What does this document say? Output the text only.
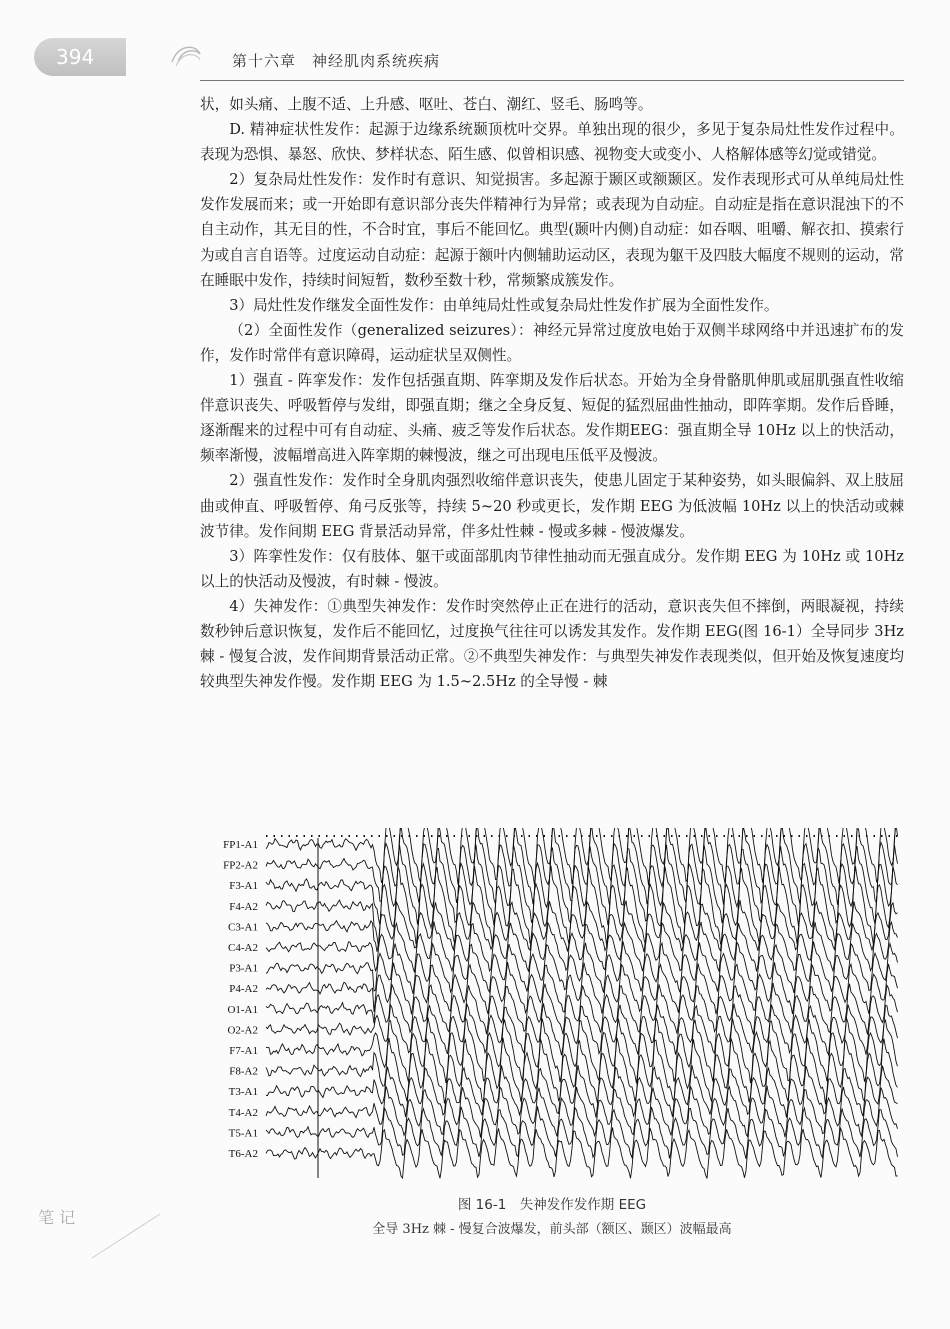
394	第十六章　神经肌肉系统疾病

状，如头痛、上腹不适、上升感、呕吐、苍白、潮红、竖毛、肠鸣等。

D. 精神症状性发作：起源于边缘系统颞顶枕叶交界。单独出现的很少，多见于复杂局灶性发作过程中。表现为恐惧、暴怒、欣快、梦样状态、陌生感、似曾相识感、视物变大或变小、人格解体感等幻觉或错觉。

2）复杂局灶性发作：发作时有意识、知觉损害。多起源于颞区或额颞区。发作表现形式可从单纯局灶性发作发展而来；或一开始即有意识部分丧失伴精神行为异常；或表现为自动症。自动症是指在意识混浊下的不自主动作，其无目的性，不合时宜，事后不能回忆。典型(颞叶内侧)自动症：如吞咽、咀嚼、解衣扣、摸索行为或自言自语等。过度运动自动症：起源于额叶内侧辅助运动区，表现为躯干及四肢大幅度不规则的运动，常在睡眠中发作，持续时间短暂，数秒至数十秒，常频繁成簇发作。

3）局灶性发作继发全面性发作：由单纯局灶性或复杂局灶性发作扩展为全面性发作。

（2）全面性发作（generalized seizures）：神经元异常过度放电始于双侧半球网络中并迅速扩布的发作，发作时常伴有意识障碍，运动症状呈双侧性。

1）强直 - 阵挛发作：发作包括强直期、阵挛期及发作后状态。开始为全身骨骼肌伸肌或屈肌强直性收缩伴意识丧失、呼吸暂停与发绀，即强直期；继之全身反复、短促的猛烈屈曲性抽动，即阵挛期。发作后昏睡，逐渐醒来的过程中可有自动症、头痛、疲乏等发作后状态。发作期EEG：强直期全导 10Hz 以上的快活动，频率渐慢，波幅增高进入阵挛期的棘慢波，继之可出现电压低平及慢波。

2）强直性发作：发作时全身肌肉强烈收缩伴意识丧失，使患儿固定于某种姿势，如头眼偏斜、双上肢屈曲或伸直、呼吸暂停、角弓反张等，持续 5~20 秒或更长，发作期 EEG 为低波幅 10Hz 以上的快活动或棘波节律。发作间期 EEG 背景活动异常，伴多灶性棘 - 慢或多棘 - 慢波爆发。

3）阵挛性发作：仅有肢体、躯干或面部肌肉节律性抽动而无强直成分。发作期 EEG 为 10Hz 或 10Hz 以上的快活动及慢波，有时棘 - 慢波。

4）失神发作：①典型失神发作：发作时突然停止正在进行的活动，意识丧失但不摔倒，两眼凝视，持续数秒钟后意识恢复，发作后不能回忆，过度换气往往可以诱发其发作。发作期 EEG(图 16-1）全导同步 3Hz 棘 - 慢复合波，发作间期背景活动正常。②不典型失神发作：与典型失神发作表现类似，但开始及恢复速度均较典型失神发作慢。发作期 EEG 为 1.5~2.5Hz 的全导慢 - 棘

FP1-A1
FP2-A2
F3-A1
F4-A2
C3-A1
C4-A2
P3-A1
P4-A2
O1-A1
O2-A2
F7-A1
F8-A2
T3-A1
T4-A2
T5-A1
T6-A2
图 16-1　失神发作发作期 EEG
全导 3Hz 棘 - 慢复合波爆发，前头部（额区、颞区）波幅最高
笔 记
